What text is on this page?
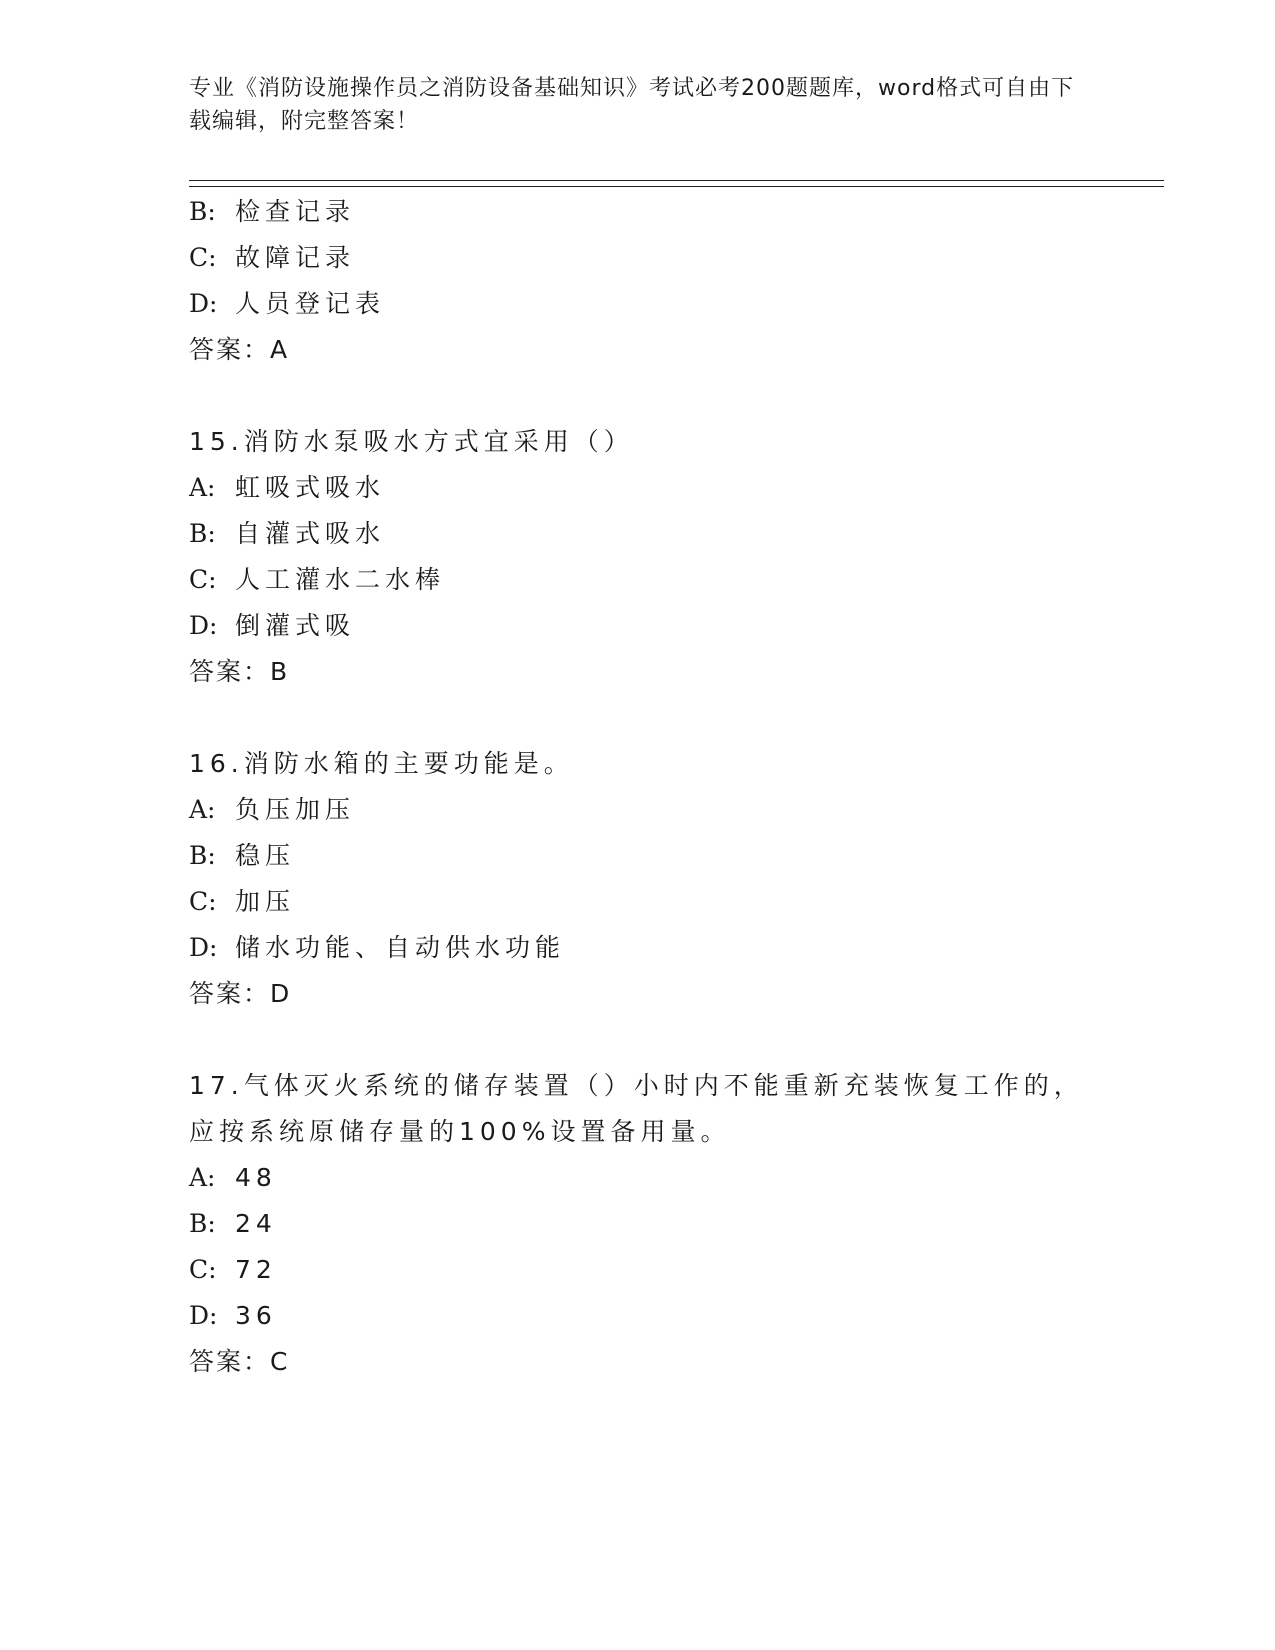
专业《消防设施操作员之消防设备基础知识》考试必考200题题库，word格式可自由下载编辑，附完整答案！
B: 检查记录
C: 故障记录
D: 人员登记表
答案：A
15.消防水泵吸水方式宜采用（）
A: 虹吸式吸水
B: 自灌式吸水
C: 人工灌水二水棒
D: 倒灌式吸
答案：B
16.消防水箱的主要功能是。
A: 负压加压
B: 稳压
C: 加压
D: 储水功能、自动供水功能
答案：D
17.气体灭火系统的储存装置（）小时内不能重新充装恢复工作的，应按系统原储存量的100%设置备用量。
A: 48
B: 24
C: 72
D: 36
答案：C
